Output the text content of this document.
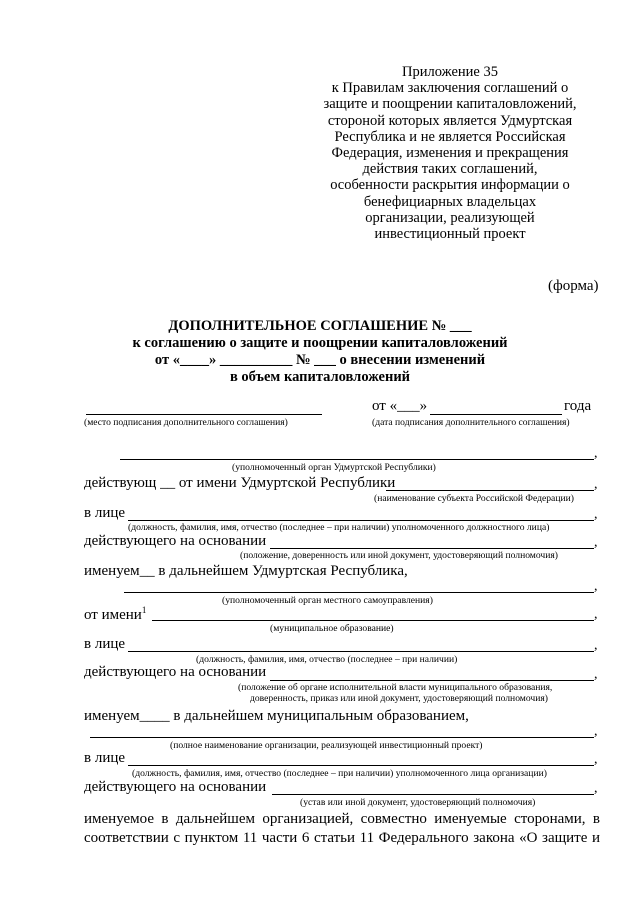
Приложение 35
к Правилам заключения соглашений о
защите и поощрении капиталовложений,
стороной которых является Удмуртская
Республика и не является Российская
Федерация, изменения и прекращения
действия таких соглашений,
особенности раскрытия информации о
бенефициарных владельцах
организации, реализующей
инвестиционный проект
(форма)
ДОПОЛНИТЕЛЬНОЕ СОГЛАШЕНИЕ № ___
к соглашению о защите и поощрении капиталовложений
от «____» __________ № ___ о внесении изменений
в объем капиталовложений
от «___»	года
(место подписания дополнительного соглашения)	(дата подписания дополнительного соглашения)
,
(уполномоченный орган Удмуртской Республики)
действующ __ от имени Удмуртской Республики	,
(наименование субъекта Российской Федерации)
в лице	,
(должность, фамилия, имя, отчество (последнее – при наличии) уполномоченного должностного лица)
действующего на основании	,
(положение, доверенность или иной документ, удостоверяющий полномочия)
именуем__ в дальнейшем Удмуртская Республика,
,
(уполномоченный орган местного самоуправления)
от имени$^1$	,
(муниципальное образование)
в лице	,
(должность, фамилия, имя, отчество (последнее – при наличии)
действующего на основании	,
(положение об органе исполнительной власти муниципального образования,
доверенность, приказ или иной документ, удостоверяющий полномочия)
именуем____ в дальнейшем муниципальным образованием,
,
(полное наименование организации, реализующей инвестиционный проект)
в лице	,
(должность, фамилия, имя, отчество (последнее – при наличии) уполномоченного лица организации)
действующего на основании	,
(устав или иной документ, удостоверяющий полномочия)
именуемое в дальнейшем организацией, совместно именуемые сторонами, в
соответствии с пунктом 11 части 6 статьи 11 Федерального закона «О защите и
